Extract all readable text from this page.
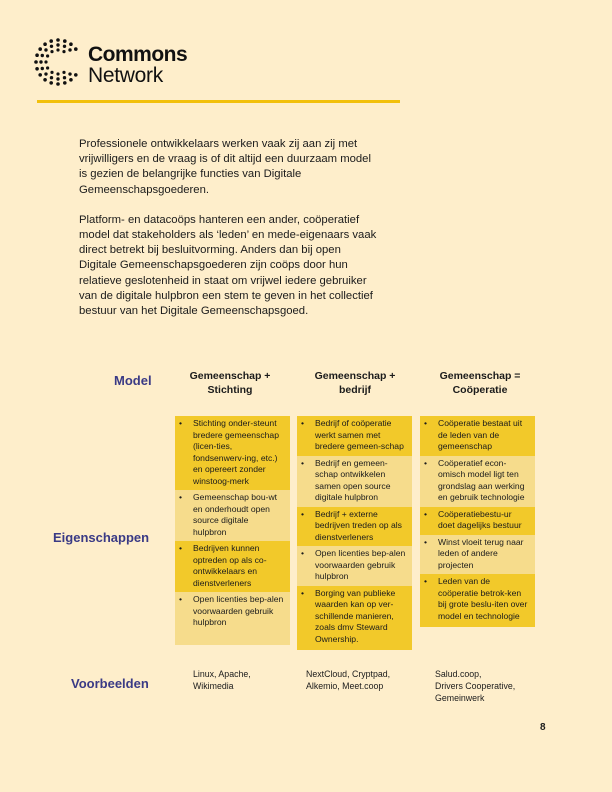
Commons
Network

Professionele ontwikkelaars werken vaak zij aan zij met vrijwilligers en de vraag is of dit altijd een duurzaam model is gezien de belangrijke functies van Digitale Gemeenschapsgoederen.

Platform- en datacoöps hanteren een ander, coöperatief model dat stakeholders als ‘leden’ en mede-eigenaars vaak direct betrekt bij besluitvorming. Anders dan bij open Digitale Gemeenschapsgoederen zijn coöps door hun relatieve geslotenheid in staat om vrijwel iedere gebruiker van de digitale hulpbron een stem te geven in het collectief bestuur van het Digitale Gemeenschapsgoed.

Model
Eigenschappen
Voorbeelden
Gemeenschap +
Stichting
Gemeenschap +
bedrijf
Gemeenschap =
Coöperatie
• Stichting onder-steunt bredere gemeenschap (licen-ties, fondsenwerv-ing, etc.) en opereert zonder winstoog-merk
• Gemeenschap bou-wt en onderhoudt open source digitale hulpbron
• Bedrijven kunnen optreden op als co-ontwikkelaars en dienstverleners
• Open licenties bep-alen voorwaarden gebruik hulpbron
• Bedrijf of coöperatie werkt samen met bredere gemeen-schap
• Bedrijf en gemeen-schap ontwikkelen samen open source digitale hulpbron
• Bedrijf + externe bedrijven treden op als dienstverleners
• Open licenties bep-alen voorwaarden gebruik hulpbron
• Borging van publieke waarden kan op ver-schillende manieren, zoals dmv Steward Ownership.
• Coöperatie bestaat uit de leden van de gemeenschap
• Coöperatief econ-omisch model ligt ten grondslag aan werking en gebruik technologie
• Coöperatiebestu-ur doet dagelijks bestuur
• Winst vloeit terug naar leden of andere projecten
• Leden van de coöperatie betrok-ken bij grote beslu-iten over model en technologie
Linux, Apache,
Wikimedia
NextCloud, Cryptpad,
Alkemio, Meet.coop
Salud.coop,
Drivers Cooperative,
Gemeinwerk
8
